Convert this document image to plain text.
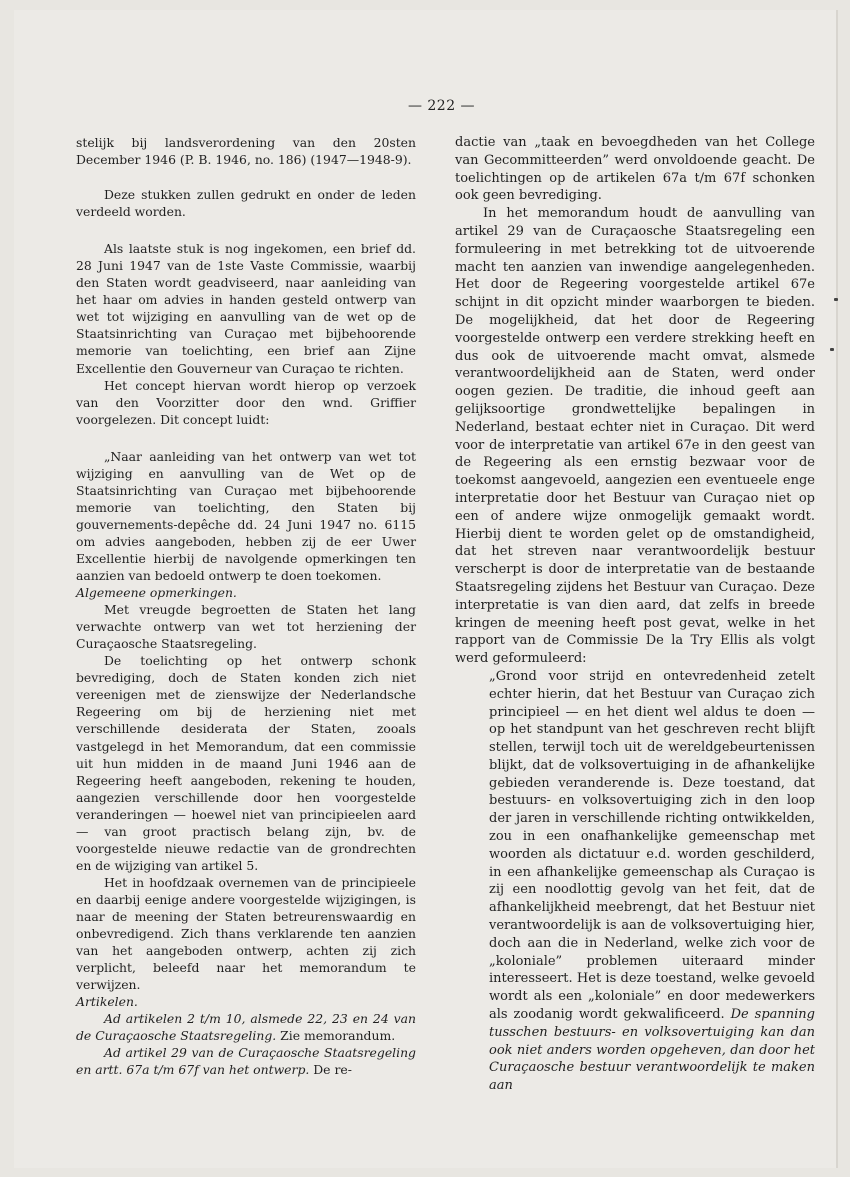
— 222 —

stelijk bij landsverordening van den 20sten December 1946 (P. B. 1946, no. 186) (1947—1948-9).

Deze stukken zullen gedrukt en onder de leden verdeeld worden.

Als laatste stuk is nog ingekomen, een brief dd. 28 Juni 1947 van de 1ste Vaste Commissie, waarbij den Staten wordt geadviseerd, naar aanleiding van het haar om advies in handen gesteld ontwerp van wet tot wijziging en aanvulling van de wet op de Staatsinrichting van Curaçao met bijbehoorende memorie van toelichting, een brief aan Zijne Excellentie den Gouverneur van Curaçao te richten.

Het concept hiervan wordt hierop op verzoek van den Voorzitter door den wnd. Griffier voorgelezen. Dit concept luidt:

„Naar aanleiding van het ontwerp van wet tot wijziging en aanvulling van de Wet op de Staatsinrichting van Curaçao met bijbehoorende memorie van toelichting, den Staten bij gouvernements-depêche dd. 24 Juni 1947 no. 6115 om advies aangeboden, hebben zij de eer Uwer Excellentie hierbij de navolgende opmerkingen ten aanzien van bedoeld ontwerp te doen toekomen.

Algemeene opmerkingen.

Met vreugde begroetten de Staten het lang verwachte ontwerp van wet tot herziening der Curaçaosche Staatsregeling.

De toelichting op het ontwerp schonk bevrediging, doch de Staten konden zich niet vereenigen met de zienswijze der Nederlandsche Regeering om bij de herziening niet met verschillende desiderata der Staten, zooals vastgelegd in het Memorandum, dat een commissie uit hun midden in de maand Juni 1946 aan de Regeering heeft aangeboden, rekening te houden, aangezien verschillende door hen voorgestelde veranderingen — hoewel niet van principieelen aard — van groot practisch belang zijn, bv. de voorgestelde nieuwe redactie van de grondrechten en de wijziging van artikel 5.

Het in hoofdzaak overnemen van de principieele en daarbij eenige andere voorgestelde wijzigingen, is naar de meening der Staten betreurenswaardig en onbevredigend. Zich thans verklarende ten aanzien van het aangeboden ontwerp, achten zij zich verplicht, beleefd naar het memorandum te verwijzen.

Artikelen.

Ad artikelen 2 t/m 10, alsmede 22, 23 en 24 van de Curaçaosche Staatsregeling. Zie memorandum.

Ad artikel 29 van de Curaçaosche Staatsregeling en artt. 67a t/m 67f van het ontwerp. De re-

dactie van „taak en bevoegdheden van het College van Gecommitteerden” werd onvoldoende geacht. De toelichtingen op de artikelen 67a t/m 67f schonken ook geen bevrediging.

In het memorandum houdt de aanvulling van artikel 29 van de Curaçaosche Staatsregeling een formuleering in met betrekking tot de uitvoerende macht ten aanzien van inwendige aangelegenheden. Het door de Regeering voorgestelde artikel 67e schijnt in dit opzicht minder waarborgen te bieden. De mogelijkheid, dat het door de Regeering voorgestelde ontwerp een verdere strekking heeft en dus ook de uitvoerende macht omvat, alsmede verantwoordelijkheid aan de Staten, werd onder oogen gezien. De traditie, die inhoud geeft aan gelijksoortige grondwettelijke bepalingen in Nederland, bestaat echter niet in Curaçao. Dit werd voor de interpretatie van artikel 67e in den geest van de Regeering als een ernstig bezwaar voor de toekomst aangevoeld, aangezien een eventueele enge interpretatie door het Bestuur van Curaçao niet op een of andere wijze onmogelijk gemaakt wordt. Hierbij dient te worden gelet op de omstandigheid, dat het streven naar verantwoordelijk bestuur verscherpt is door de interpretatie van de bestaande Staatsregeling zijdens het Bestuur van Curaçao. Deze interpretatie is van dien aard, dat zelfs in breede kringen de meening heeft post gevat, welke in het rapport van de Commissie De la Try Ellis als volgt werd geformuleerd:

„Grond voor strijd en ontevredenheid zetelt echter hierin, dat het Bestuur van Curaçao zich principieel — en het dient wel aldus te doen — op het standpunt van het geschreven recht blijft stellen, terwijl toch uit de wereldgebeurtenissen blijkt, dat de volksovertuiging in de afhankelijke gebieden veranderende is. Deze toestand, dat bestuurs- en volksovertuiging zich in den loop der jaren in verschillende richting ontwikkelden, zou in een onafhankelijke gemeenschap met woorden als dictatuur e.d. worden geschilderd, in een afhankelijke gemeenschap als Curaçao is zij een noodlottig gevolg van het feit, dat de afhankelijkheid meebrengt, dat het Bestuur niet verantwoordelijk is aan de volksovertuiging hier, doch aan die in Nederland, welke zich voor de „koloniale” problemen uiteraard minder interesseert. Het is deze toestand, welke gevoeld wordt als een „koloniale” en door medewerkers als zoodanig wordt gekwalificeerd. De spanning tusschen bestuurs- en volksovertuiging kan dan ook niet anders worden opgeheven, dan door het Curaçaosche bestuur verantwoordelijk te maken aan
